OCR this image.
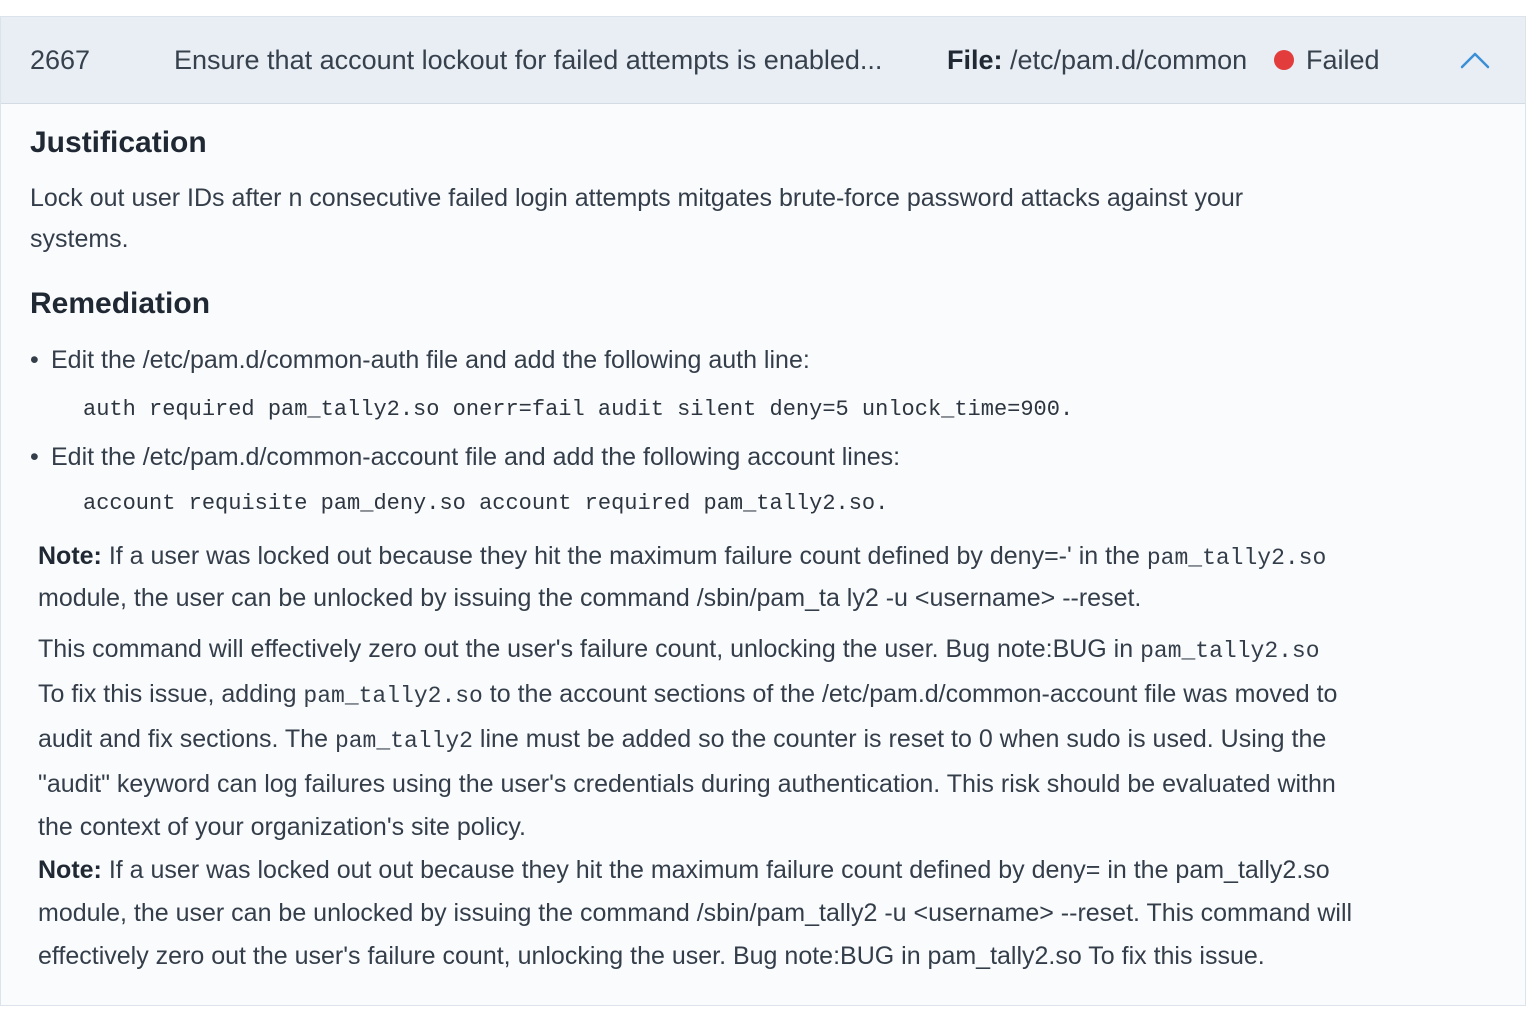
2667	Ensure that account lockout for failed attempts is enabled...	File: /etc/pam.d/common	Failed
Justification
Lock out user IDs after n consecutive failed login attempts mitgates brute-force password attacks against your
systems.
Remediation
• Edit the /etc/pam.d/common-auth file and add the following auth line:
auth required pam_tally2.so onerr=fail audit silent deny=5 unlock_time=900.
• Edit the /etc/pam.d/common-account file and add the following account lines:
account requisite pam_deny.so account required pam_tally2.so.
Note: If a user was locked out because they hit the maximum failure count defined by deny=-' in the pam_tally2.so
module, the user can be unlocked by issuing the command /sbin/pam_ta ly2 -u <username> --reset.
This command will effectively zero out the user's failure count, unlocking the user. Bug note:BUG in pam_tally2.so
To fix this issue, adding pam_tally2.so to the account sections of the /etc/pam.d/common-account file was moved to
audit and fix sections. The pam_tally2 line must be added so the counter is reset to 0 when sudo is used. Using the
"audit" keyword can log failures using the user's credentials during authentication. This risk should be evaluated withn
the context of your organization's site policy.
Note: If a user was locked out out because they hit the maximum failure count defined by deny= in the pam_tally2.so
module, the user can be unlocked by issuing the command /sbin/pam_tally2 -u <username> --reset. This command will
effectively zero out the user's failure count, unlocking the user. Bug note:BUG in pam_tally2.so To fix this issue.
